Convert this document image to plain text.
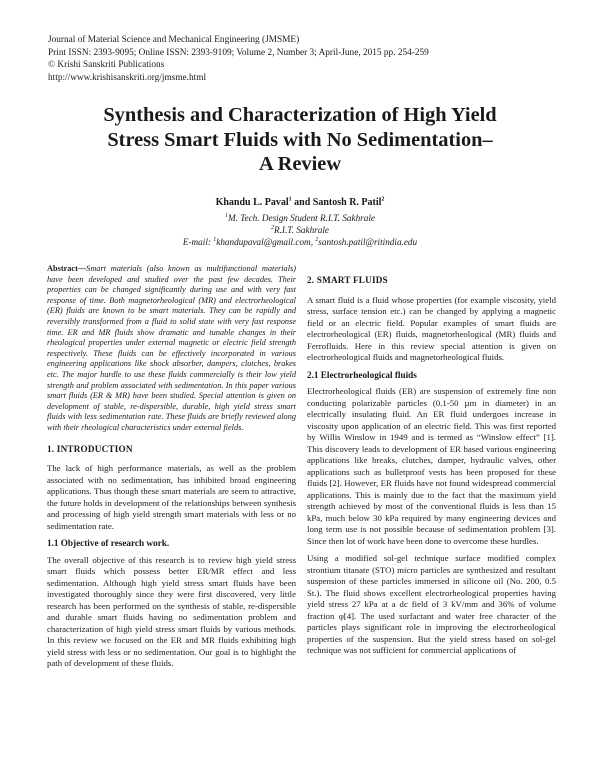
Journal of Material Science and Mechanical Engineering (JMSME)
Print ISSN: 2393-9095; Online ISSN: 2393-9109; Volume 2, Number 3; April-June, 2015 pp. 254-259
© Krishi Sanskriti Publications
http://www.krishisanskriti.org/jmsme.html
Synthesis and Characterization of High Yield
Stress Smart Fluids with No Sedimentation–
A Review
Khandu L. Paval$^1$ and Santosh R. Patil$^2$
$^1$M. Tech. Design Student R.I.T. Sakhrale
$^2$R.I.T. Sakhrale
E-mail: $^1$khandupaval@gmail.com, $^2$santosh.patil@ritindia.edu

Abstract—Smart materials (also known as multifunctional materials) have been developed and studied over the past few decades. Their properties can be changed significantly during use and with very fast response of time. Both magnetorheological (MR) and electrorheological (ER) fluids are known to be smart materials. They can be rapidly and reversibly transformed from a fluid to solid state with very fast response time. ER and MR fluids show dramatic and tunable changes in their rheological properties under external magnetic or electric field strength respectively. These fluids can be effectively incorporated in various engineering applications like shock absorber, dampers, clutches, brakes etc. The major hurdle to use these fluids commercially is their low yield strength and problem associated with sedimentation. In this paper various smart fluids (ER & MR) have been studied. Special attention is given on development of stable, re-dispersible, durable, high yield stress smart fluids with less sedimentation rate. These fluids are briefly reviewed along with their rheological characteristics under external fields.

1. INTRODUCTION

The lack of high performance materials, as well as the problem associated with no sedimentation, has inhibited broad engineering applications. Thus though these smart materials are seem to attractive, the future holds in development of the relationships between synthesis and processing of high yield strength smart materials with less or no sedimentation rate.

1.1 Objective of research work.

The overall objective of this research is to review high yield stress smart fluids which possess better ER/MR effect and less sedimentation. Although high yield stress smart fluids have been investigated thoroughly since they were first discovered, very little research has been performed on the synthesis of stable, re-dispersible and durable smart fluids having no sedimentation problem and characterization of high yield stress smart fluids by various methods. In this review we focused on the ER and MR fluids exhibiting high yield stress with less or no sedimentation. Our goal is to highlight the path of development of these fluids.

2. SMART FLUIDS

A smart fluid is a fluid whose properties (for example viscosity, yield stress, surface tension etc.) can be changed by applying a magnetic field or an electric field. Popular examples of smart fluids are electrorheological (ER) fluids, magnetorheological (MR) fluids and Ferrofluids. Here in this review special attention is given on electrorheological fluids and magnetorheological fluids.

2.1 Electrorheological fluids

Electrorheological fluids (ER) are suspension of extremely fine non conducting polarizable particles (0.1-50 µm in diameter) in an electrically insulating fluid. An ER fluid undergoes increase in viscosity upon application of an electric field. This was first reported by Willis Winslow in 1949 and is termed as “Winslow effect” [1]. This discovery leads to development of ER based various engineering applications like breaks, clutches, damper, hydraulic valves, other applications such as bulletproof vests has been proposed for these fluids [2]. However, ER fluids have not found widespread commercial applications. This is mainly due to the fact that the maximum yield strength achieved by most of the conventional fluids is less than 15 kPa, much below 30 kPa required by many engineering devices and long term use is not possible because of sedimentation problem [3]. Since then lot of work have been done to overcome these hurdles.

Using a modified sol-gel technique surface modified complex strontium titanate (STO) micro particles are synthesized and resultant suspension of these particles immersed in silicone oil (No. 200, 0.5 St.). The fluid shows excellent electrorheological properties having yield stress 27 kPa at a dc field of 3 kV/mm and 36% of volume fraction φ[4]. The used surfactant and water free character of the particles plays significant role in improving the electrorheological properties of the suspension. But the yield stress based on sol-gel technique was not sufficient for commercial applications of
